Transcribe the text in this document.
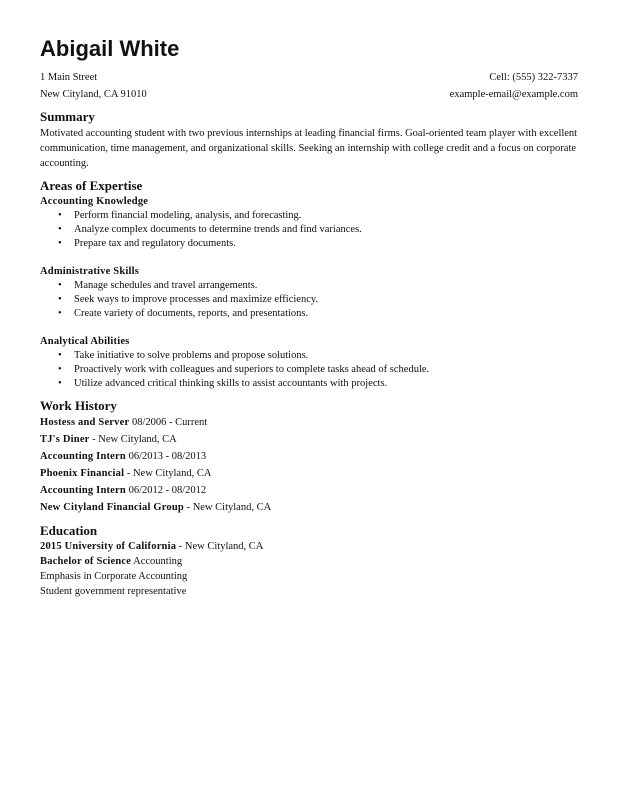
Abigail White
1 Main Street
New Cityland, CA 91010
Cell: (555) 322-7337
example-email@example.com
Summary
Motivated accounting student with two previous internships at leading financial firms. Goal-oriented team player with excellent communication, time management, and organizational skills. Seeking an internship with college credit and a focus on corporate accounting.
Areas of Expertise
Accounting Knowledge
• Perform financial modeling, analysis, and forecasting.
• Analyze complex documents to determine trends and find variances.
• Prepare tax and regulatory documents.
Administrative Skills
• Manage schedules and travel arrangements.
• Seek ways to improve processes and maximize efficiency.
• Create variety of documents, reports, and presentations.
Analytical Abilities
• Take initiative to solve problems and propose solutions.
• Proactively work with colleagues and superiors to complete tasks ahead of schedule.
• Utilize advanced critical thinking skills to assist accountants with projects.
Work History
Hostess and Server 08/2006 - Current
TJ's Diner - New Cityland, CA
Accounting Intern 06/2013 - 08/2013
Phoenix Financial - New Cityland, CA
Accounting Intern 06/2012 - 08/2012
New Cityland Financial Group - New Cityland, CA
Education
2015 University of California - New Cityland, CA
Bachelor of Science Accounting
Emphasis in Corporate Accounting
Student government representative
